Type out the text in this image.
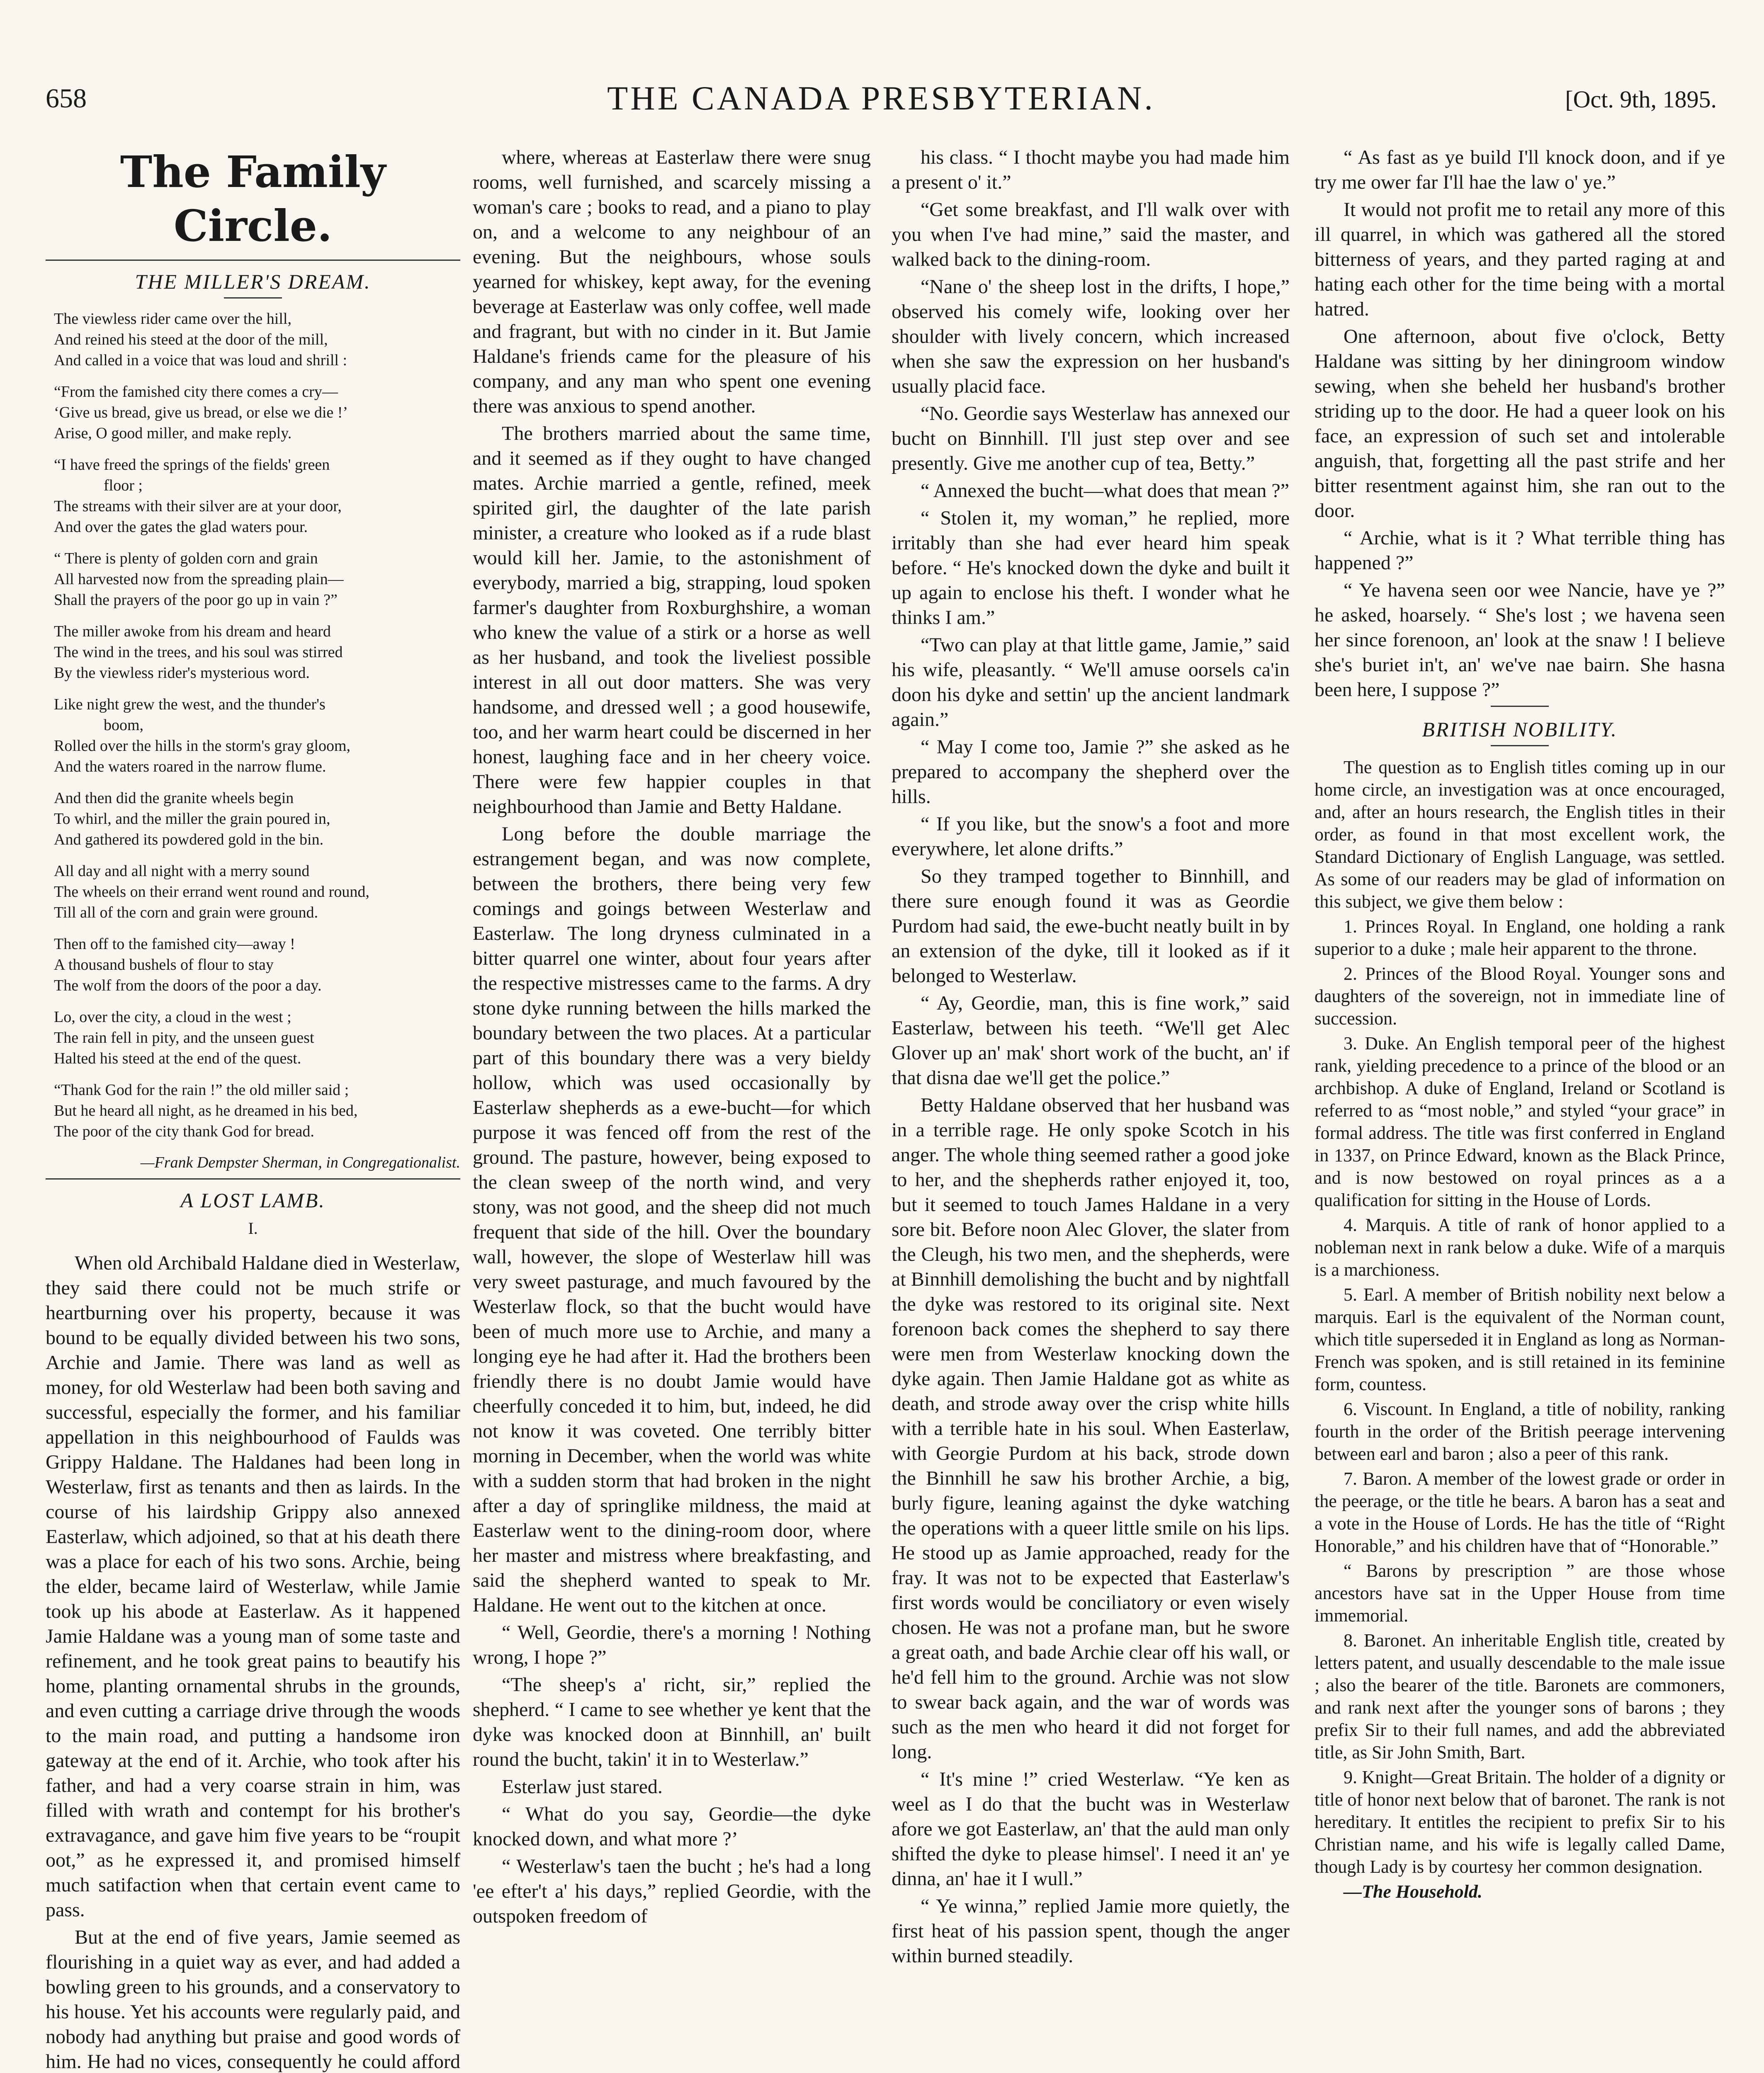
658	THE CANADA PRESBYTERIAN.	[Oct. 9th, 1895.
The Family Circle.
THE MILLER'S DREAM.
The viewless rider came over the hill,
And reined his steed at the door of the mill,
And called in a voice that was loud and shrill :
“From the famished city there comes a cry—
‘Give us bread, give us bread, or else we die !’
Arise, O good miller, and make reply.
“I have freed the springs of the fields' green
floor ;
The streams with their silver are at your door,
And over the gates the glad waters pour.
“ There is plenty of golden corn and grain
All harvested now from the spreading plain—
Shall the prayers of the poor go up in vain ?”
The miller awoke from his dream and heard
The wind in the trees, and his soul was stirred
By the viewless rider's mysterious word.
Like night grew the west, and the thunder's
boom,
Rolled over the hills in the storm's gray gloom,
And the waters roared in the narrow flume.
And then did the granite wheels begin
To whirl, and the miller the grain poured in,
And gathered its powdered gold in the bin.
All day and all night with a merry sound
The wheels on their errand went round and round,
Till all of the corn and grain were ground.
Then off to the famished city—away !
A thousand bushels of flour to stay
The wolf from the doors of the poor a day.
Lo, over the city, a cloud in the west ;
The rain fell in pity, and the unseen guest
Halted his steed at the end of the quest.
“Thank God for the rain !” the old miller said ;
But he heard all night, as he dreamed in his bed,
The poor of the city thank God for bread.
—Frank Dempster Sherman, in Congregationalist.
A LOST LAMB.
I.

When old Archibald Haldane died in Westerlaw, they said there could not be much strife or heartburning over his property, because it was bound to be equally divided between his two sons, Archie and Jamie. There was land as well as money, for old Westerlaw had been both saving and successful, especially the former, and his familiar appellation in this neighbourhood of Faulds was Grippy Haldane. The Haldanes had been long in Westerlaw, first as tenants and then as lairds. In the course of his lairdship Grippy also annexed Easterlaw, which adjoined, so that at his death there was a place for each of his two sons. Archie, being the elder, became laird of Westerlaw, while Jamie took up his abode at Easterlaw. As it happened Jamie Haldane was a young man of some taste and refinement, and he took great pains to beautify his home, planting ornamental shrubs in the grounds, and even cutting a carriage drive through the woods to the main road, and putting a handsome iron gateway at the end of it. Archie, who took after his father, and had a very coarse strain in him, was filled with wrath and contempt for his brother's extravagance, and gave him five years to be “roupit oot,” as he expressed it, and promised himself much satifaction when that certain event came to pass.

But at the end of five years, Jamie seemed as flourishing in a quiet way as ever, and had added a bowling green to his grounds, and a conservatory to his house. Yet his accounts were regularly paid, and nobody had anything but praise and good words of him. He had no vices, consequently he could afford

where, whereas at Easterlaw there were snug rooms, well furnished, and scarcely missing a woman's care ; books to read, and a piano to play on, and a welcome to any neighbour of an evening. But the neighbours, whose souls yearned for whiskey, kept away, for the evening beverage at Easterlaw was only coffee, well made and fragrant, but with no cinder in it. But Jamie Haldane's friends came for the pleasure of his company, and any man who spent one evening there was anxious to spend another.

The brothers married about the same time, and it seemed as if they ought to have changed mates. Archie married a gentle, refined, meek spirited girl, the daughter of the late parish minister, a creature who looked as if a rude blast would kill her. Jamie, to the astonishment of everybody, married a big, strapping, loud spoken farmer's daughter from Roxburghshire, a woman who knew the value of a stirk or a horse as well as her husband, and took the liveliest possible interest in all out door matters. She was very handsome, and dressed well ; a good housewife, too, and her warm heart could be discerned in her honest, laughing face and in her cheery voice. There were few happier couples in that neighbourhood than Jamie and Betty Haldane.

Long before the double marriage the estrangement began, and was now complete, between the brothers, there being very few comings and goings between Westerlaw and Easterlaw. The long dryness culminated in a bitter quarrel one winter, about four years after the respective mistresses came to the farms. A dry stone dyke running between the hills marked the boundary between the two places. At a particular part of this boundary there was a very bieldy hollow, which was used occasionally by Easterlaw shepherds as a ewe-bucht—for which purpose it was fenced off from the rest of the ground. The pasture, however, being exposed to the clean sweep of the north wind, and very stony, was not good, and the sheep did not much frequent that side of the hill. Over the boundary wall, however, the slope of Westerlaw hill was very sweet pasturage, and much favoured by the Westerlaw flock, so that the bucht would have been of much more use to Archie, and many a longing eye he had after it. Had the brothers been friendly there is no doubt Jamie would have cheerfully conceded it to him, but, indeed, he did not know it was coveted. One terribly bitter morning in December, when the world was white with a sudden storm that had broken in the night after a day of springlike mildness, the maid at Easterlaw went to the dining-room door, where her master and mistress where breakfasting, and said the shepherd wanted to speak to Mr. Haldane. He went out to the kitchen at once.

“ Well, Geordie, there's a morning ! Nothing wrong, I hope ?”

“The sheep's a' richt, sir,” replied the shepherd. “ I came to see whether ye kent that the dyke was knocked doon at Binnhill, an' built round the bucht, takin' it in to Westerlaw.”

Esterlaw just stared.

“ What do you say, Geordie—the dyke knocked down, and what more ?’

“ Westerlaw's taen the bucht ; he's had a long 'ee efter't a' his days,” replied Geordie, with the outspoken freedom of

his class. “ I thocht maybe you had made him a present o' it.”

“Get some breakfast, and I'll walk over with you when I've had mine,” said the master, and walked back to the dining-room.

“Nane o' the sheep lost in the drifts, I hope,” observed his comely wife, looking over her shoulder with lively concern, which increased when she saw the expression on her husband's usually placid face.

“No. Geordie says Westerlaw has annexed our bucht on Binnhill. I'll just step over and see presently. Give me another cup of tea, Betty.”

“ Annexed the bucht—what does that mean ?”

“ Stolen it, my woman,” he replied, more irritably than she had ever heard him speak before. “ He's knocked down the dyke and built it up again to enclose his theft. I wonder what he thinks I am.”

“Two can play at that little game, Jamie,” said his wife, pleasantly. “ We'll amuse oorsels ca'in doon his dyke and settin' up the ancient landmark again.”

“ May I come too, Jamie ?” she asked as he prepared to accompany the shepherd over the hills.

“ If you like, but the snow's a foot and more everywhere, let alone drifts.”

So they tramped together to Binnhill, and there sure enough found it was as Geordie Purdom had said, the ewe-bucht neatly built in by an extension of the dyke, till it looked as if it belonged to Westerlaw.

“ Ay, Geordie, man, this is fine work,” said Easterlaw, between his teeth. “We'll get Alec Glover up an' mak' short work of the bucht, an' if that disna dae we'll get the police.”

Betty Haldane observed that her husband was in a terrible rage. He only spoke Scotch in his anger. The whole thing seemed rather a good joke to her, and the shepherds rather enjoyed it, too, but it seemed to touch James Haldane in a very sore bit. Before noon Alec Glover, the slater from the Cleugh, his two men, and the shepherds, were at Binnhill demolishing the bucht and by nightfall the dyke was restored to its original site. Next forenoon back comes the shepherd to say there were men from Westerlaw knocking down the dyke again. Then Jamie Haldane got as white as death, and strode away over the crisp white hills with a terrible hate in his soul. When Easterlaw, with Georgie Purdom at his back, strode down the Binnhill he saw his brother Archie, a big, burly figure, leaning against the dyke watching the operations with a queer little smile on his lips. He stood up as Jamie approached, ready for the fray. It was not to be expected that Easterlaw's first words would be conciliatory or even wisely chosen. He was not a profane man, but he swore a great oath, and bade Archie clear off his wall, or he'd fell him to the ground. Archie was not slow to swear back again, and the war of words was such as the men who heard it did not forget for long.

“ It's mine !” cried Westerlaw. “Ye ken as weel as I do that the bucht was in Westerlaw afore we got Easterlaw, an' that the auld man only shifted the dyke to please himsel'. I need it an' ye dinna, an' hae it I wull.”

“ Ye winna,” replied Jamie more quietly, the first heat of his passion spent, though the anger within burned steadily.

“ As fast as ye build I'll knock doon, and if ye try me ower far I'll hae the law o' ye.”

It would not profit me to retail any more of this ill quarrel, in which was gathered all the stored bitterness of years, and they parted raging at and hating each other for the time being with a mortal hatred.

One afternoon, about five o'clock, Betty Haldane was sitting by her diningroom window sewing, when she beheld her husband's brother striding up to the door. He had a queer look on his face, an expression of such set and intolerable anguish, that, forgetting all the past strife and her bitter resentment against him, she ran out to the door.

“ Archie, what is it ? What terrible thing has happened ?”

“ Ye havena seen oor wee Nancie, have ye ?” he asked, hoarsely. “ She's lost ; we havena seen her since forenoon, an' look at the snaw ! I believe she's buriet in't, an' we've nae bairn. She hasna been here, I suppose ?”

BRITISH NOBILITY.

The question as to English titles coming up in our home circle, an investigation was at once encouraged, and, after an hours research, the English titles in their order, as found in that most excellent work, the Standard Dictionary of English Language, was settled. As some of our readers may be glad of information on this subject, we give them below :

1. Princes Royal. In England, one holding a rank superior to a duke ; male heir apparent to the throne.

2. Princes of the Blood Royal. Younger sons and daughters of the sovereign, not in immediate line of succession.

3. Duke. An English temporal peer of the highest rank, yielding precedence to a prince of the blood or an archbishop. A duke of England, Ireland or Scotland is referred to as “most noble,” and styled “your grace” in formal address. The title was first conferred in England in 1337, on Prince Edward, known as the Black Prince, and is now bestowed on royal princes as a a qualification for sitting in the House of Lords.

4. Marquis. A title of rank of honor applied to a nobleman next in rank below a duke. Wife of a marquis is a marchioness.

5. Earl. A member of British nobility next below a marquis. Earl is the equivalent of the Norman count, which title superseded it in England as long as Norman-French was spoken, and is still retained in its feminine form, countess.

6. Viscount. In England, a title of nobility, ranking fourth in the order of the British peerage intervening between earl and baron ; also a peer of this rank.

7. Baron. A member of the lowest grade or order in the peerage, or the title he bears. A baron has a seat and a vote in the House of Lords. He has the title of “Right Honorable,” and his children have that of “Honorable.”

“ Barons by prescription ” are those whose ancestors have sat in the Upper House from time immemorial.

8. Baronet. An inheritable English title, created by letters patent, and usually descendable to the male issue ; also the bearer of the title. Baronets are commoners, and rank next after the younger sons of barons ; they prefix Sir to their full names, and add the abbreviated title, as Sir John Smith, Bart.

9. Knight—Great Britain. The holder of a dignity or title of honor next below that of baronet. The rank is not hereditary. It entitles the recipient to prefix Sir to his Christian name, and his wife is legally called Dame, though Lady is by courtesy her common designation.

—The Household.
